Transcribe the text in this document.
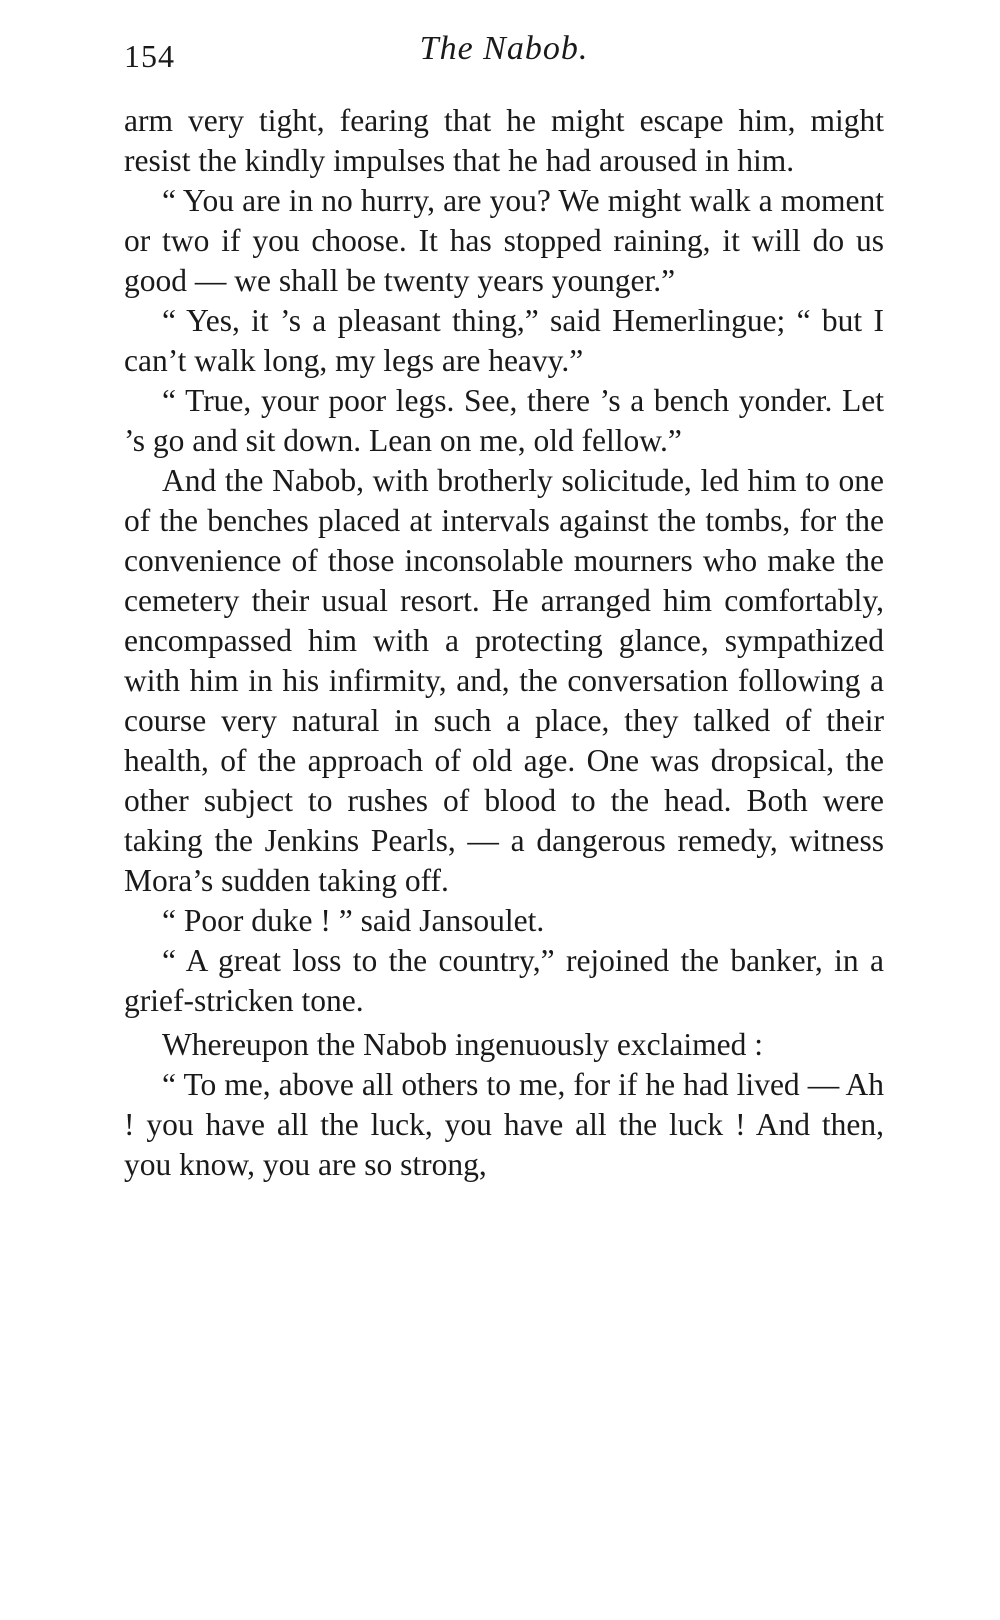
154	The Nabob.

arm very tight, fearing that he might escape him, might resist the kindly impulses that he had aroused in him.

“ You are in no hurry, are you? We might walk a moment or two if you choose. It has stopped raining, it will do us good — we shall be twenty years younger.”

“ Yes, it ’s a pleasant thing,” said Hemerlingue; “ but I can’t walk long, my legs are heavy.”

“ True, your poor legs. See, there ’s a bench yonder. Let ’s go and sit down. Lean on me, old fellow.”

And the Nabob, with brotherly solicitude, led him to one of the benches placed at intervals against the tombs, for the convenience of those inconsolable mourners who make the cemetery their usual resort. He arranged him comfortably, encompassed him with a protecting glance, sympathized with him in his infirmity, and, the conversation following a course very natural in such a place, they talked of their health, of the approach of old age. One was dropsical, the other subject to rushes of blood to the head. Both were taking the Jenkins Pearls, — a dangerous remedy, witness Mora’s sudden taking off.

“ Poor duke ! ” said Jansoulet.

“ A great loss to the country,” rejoined the banker, in a grief-stricken tone.

Whereupon the Nabob ingenuously exclaimed :

“ To me, above all others to me, for if he had lived — Ah ! you have all the luck, you have all the luck ! And then, you know, you are so strong,
